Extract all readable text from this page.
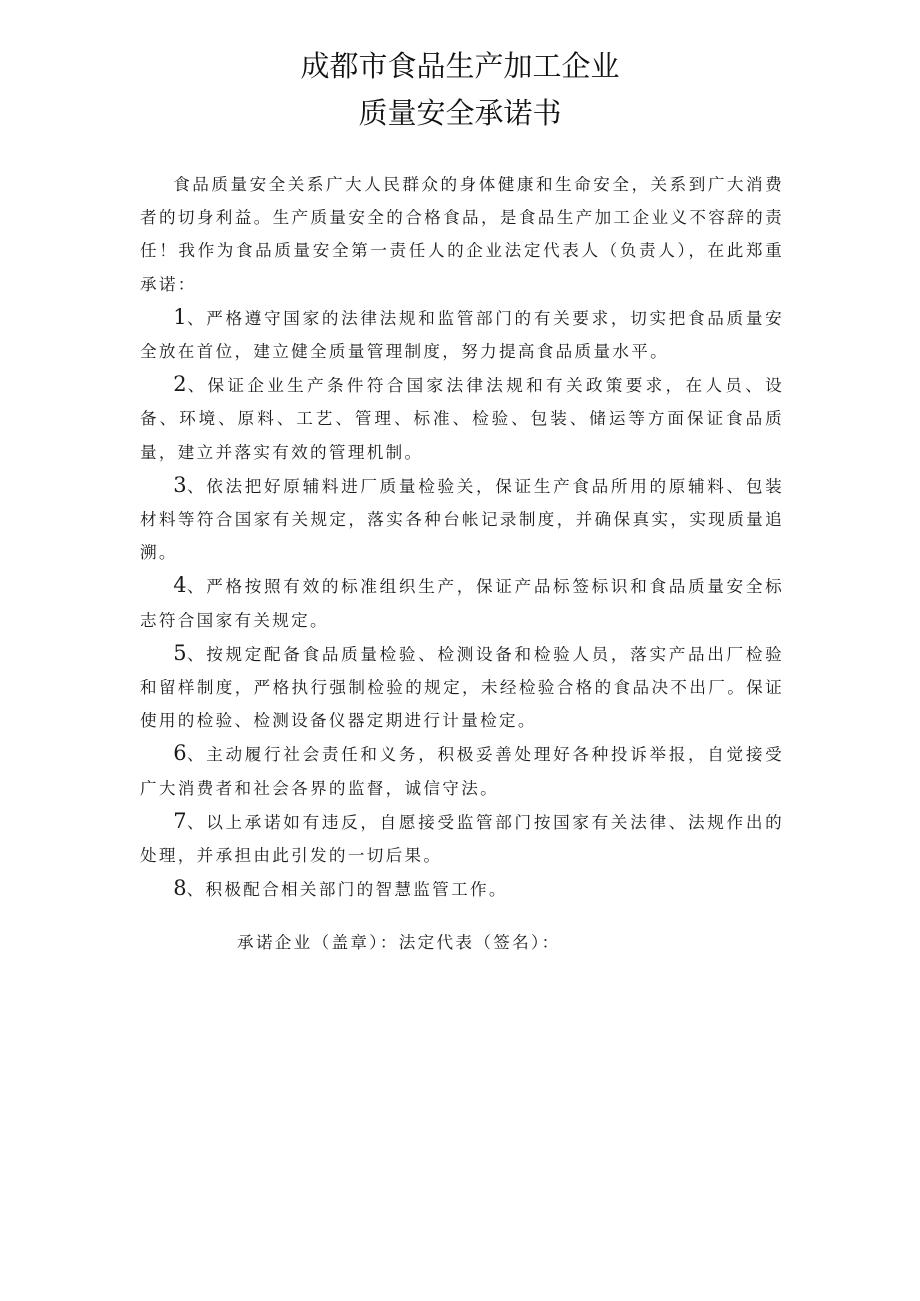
成都市食品生产加工企业
质量安全承诺书

食品质量安全关系广大人民群众的身体健康和生命安全，关系到广大消费者的切身利益。生产质量安全的合格食品，是食品生产加工企业义不容辞的责任！我作为食品质量安全第一责任人的企业法定代表人（负责人），在此郑重承诺：

1、严格遵守国家的法律法规和监管部门的有关要求，切实把食品质量安全放在首位，建立健全质量管理制度，努力提高食品质量水平。

2、保证企业生产条件符合国家法律法规和有关政策要求，在人员、设备、环境、原料、工艺、管理、标准、检验、包装、储运等方面保证食品质量，建立并落实有效的管理机制。

3、依法把好原辅料进厂质量检验关，保证生产食品所用的原辅料、包装材料等符合国家有关规定，落实各种台帐记录制度，并确保真实，实现质量追溯。

4、严格按照有效的标准组织生产，保证产品标签标识和食品质量安全标志符合国家有关规定。

5、按规定配备食品质量检验、检测设备和检验人员，落实产品出厂检验和留样制度，严格执行强制检验的规定，未经检验合格的食品决不出厂。保证使用的检验、检测设备仪器定期进行计量检定。

6、主动履行社会责任和义务，积极妥善处理好各种投诉举报，自觉接受广大消费者和社会各界的监督，诚信守法。

7、以上承诺如有违反，自愿接受监管部门按国家有关法律、法规作出的处理，并承担由此引发的一切后果。

8、积极配合相关部门的智慧监管工作。

承诺企业（盖章）：法定代表（签名）：
